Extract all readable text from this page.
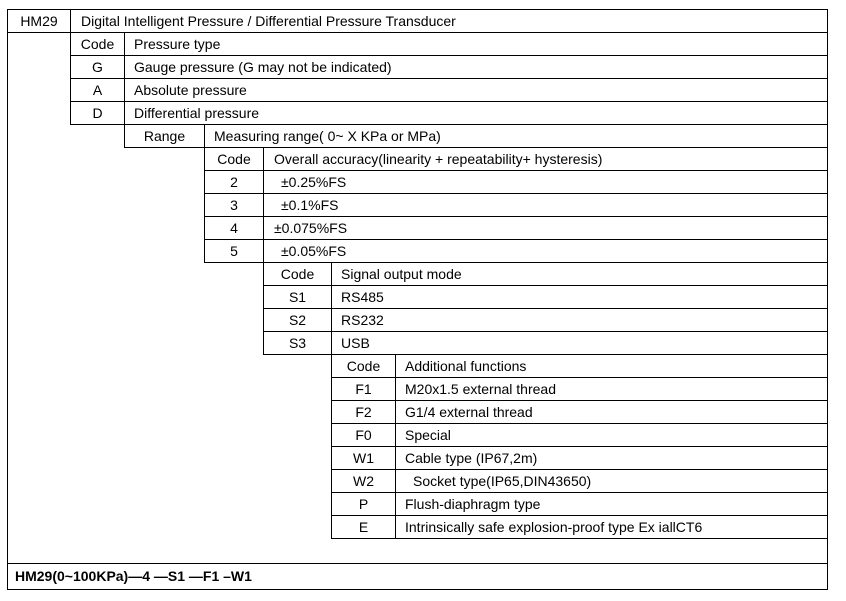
HM29	Digital Intelligent Pressure / Differential Pressure Transducer
Code	Pressure type
G	Gauge pressure (G may not be indicated)
A	Absolute pressure
D	Differential pressure
Range	Measuring range( 0~ X KPa or MPa)
Code	Overall accuracy(linearity + repeatability+ hysteresis)
2	±0.25%FS
3	±0.1%FS
4	±0.075%FS
5	±0.05%FS
Code	Signal output mode
S1	RS485
S2	RS232
S3	USB
Code	Additional functions
F1	M20x1.5 external thread
F2	G1/4 external thread
F0	Special
W1	Cable type (IP67,2m)
W2	Socket type(IP65,DIN43650)
P	Flush-diaphragm type
E	Intrinsically safe explosion-proof type Ex iallCT6
HM29(0~100KPa)—4 —S1 —F1 –W1
